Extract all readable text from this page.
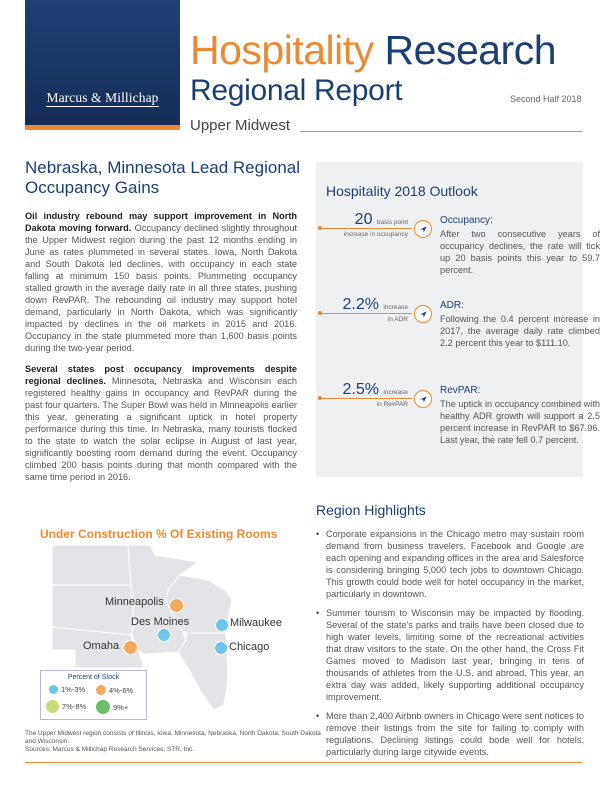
Marcus & Millichap
Hospitality Research
Regional Report	Second Half 2018
Upper Midwest
Nebraska, Minnesota Lead Regional Occupancy Gains
Oil industry rebound may support improvement in North Dakota moving forward. Occupancy declined slightly throughout the Upper Midwest region during the past 12 months ending in June as rates plummeted in several states. Iowa, North Dakota and South Dakota led declines, with occupancy in each state falling at minimum 150 basis points. Plummeting occupancy stalled growth in the average daily rate in all three states, pushing down RevPAR. The rebounding oil industry may support hotel demand, particularly in North Dakota, which was significantly impacted by declines in the oil markets in 2015 and 2016. Occupancy in the state plummeted more than 1,600 basis points during the two-year period.
Several states post occupancy improvements despite regional declines. Minnesota, Nebraska and Wisconsin each registered healthy gains in occupancy and RevPAR during the past four quarters. The Super Bowl was held in Minneapolis earlier this year, generating a significant uptick in hotel property performance during this time. In Nebraska, many tourists flocked to the state to watch the solar eclipse in August of last year, significantly boosting room demand during the event. Occupancy climbed 200 basis points during that month compared with the same time period in 2016.
Hospitality 2018 Outlook
20 basis point
increase in occupancy
Occupancy:
After two consecutive years of occupancy declines, the rate will tick up 20 basis points this year to 59.7 percent.
2.2% increase
in ADR
ADR:
Following the 0.4 percent increase in 2017, the average daily rate climbed 2.2 percent this year to $111.10.
2.5% increase
in RevPAR
RevPAR:
The uptick in occupancy combined with healthy ADR growth will support a 2.5 percent increase in RevPAR to $67.96. Last year, the rate fell 0.7 percent.
Region Highlights
• Corporate expansions in the Chicago metro may sustain room demand from business travelers. Facebook and Google are each opening and expanding offices in the area and Salesforce is considering bringing 5,000 tech jobs to downtown Chicago. This growth could bode well for hotel occupancy in the market, particularly in downtown.
• Summer tourism to Wisconsin may be impacted by flooding. Several of the state's parks and trails have been closed due to high water levels, limiting some of the recreational activities that draw visitors to the state. On the other hand, the Cross Fit Games moved to Madison last year, bringing in tens of thousands of athletes from the U.S. and abroad. This year, an extra day was added, likely supporting additional occupancy improvement.
• More than 2,400 Airbnb owners in Chicago were sent notices to remove their listings from the site for failing to comply with regulations. Declining listings could bode well for hotels, particularly during large citywide events.
Under Construction % Of Existing Rooms
Minneapolis
Des Moines	Milwaukee
Omaha	Chicago
Percent of Stock
1%-3%	4%-6%
7%-8%	9%+
The Upper Midwest region consists of Illinois, Iowa, Minnesota, Nebraska, North Dakota, South Dakota and Wisconsin.
Sources: Marcus & Millichap Research Services; STR, Inc.
